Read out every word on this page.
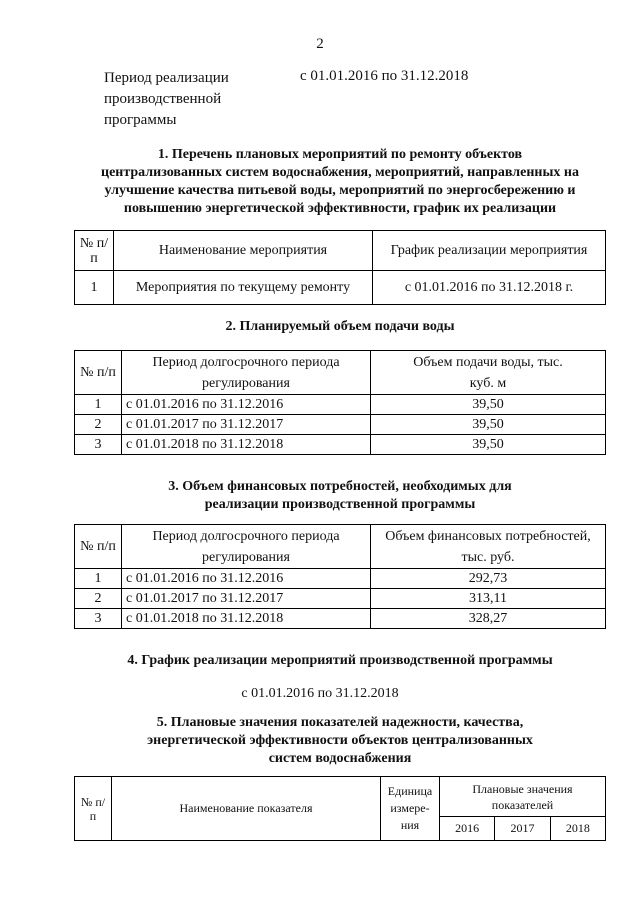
2
Период реализации
производственной
программы
с 01.01.2016 по 31.12.2018
1. Перечень плановых мероприятий по ремонту объектов
централизованных систем водоснабжения, мероприятий, направленных на
улучшение качества питьевой воды, мероприятий по энергосбережению и
повышению энергетической эффективности, график их реализации
№ п/п	Наименование мероприятия	График реализации мероприятия
1	Мероприятия по текущему ремонту	с 01.01.2016 по 31.12.2018 г.
2. Планируемый объем подачи воды
№ п/п	Период долгосрочного периода регулирования	Объем подачи воды, тыс. куб. м
1	с 01.01.2016 по 31.12.2016	39,50
2	с 01.01.2017 по 31.12.2017	39,50
3	с 01.01.2018 по 31.12.2018	39,50
3. Объем финансовых потребностей, необходимых для
реализации производственной программы
№ п/п	Период долгосрочного периода регулирования	Объем финансовых потребностей, тыс. руб.
1	с 01.01.2016 по 31.12.2016	292,73
2	с 01.01.2017 по 31.12.2017	313,11
3	с 01.01.2018 по 31.12.2018	328,27
4. График реализации мероприятий производственной программы
с 01.01.2016 по 31.12.2018
5. Плановые значения показателей надежности, качества,
энергетической эффективности объектов централизованных
систем водоснабжения
№ п/п	Наименование показателя	Единица измере- ния	Плановые значения показателей		
			2016	2017	2018
